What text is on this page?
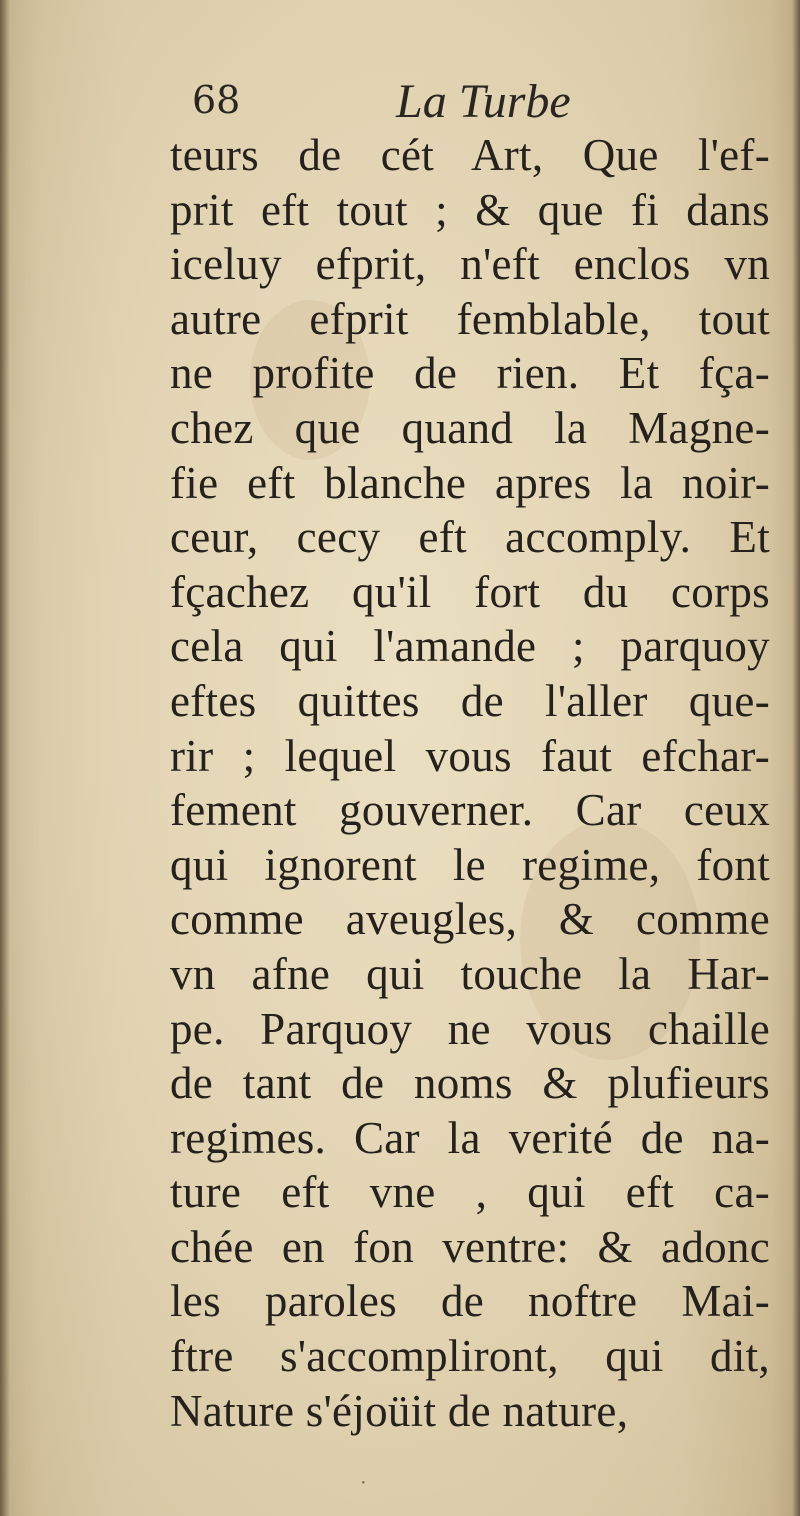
68	La Turbe
teurs de cét Art, Que l'ef-
prit eft tout ; & que fi dans
iceluy efprit, n'eft enclos vn
autre efprit femblable, tout
ne profite de rien. Et fça-
chez que quand la Magne-
fie eft blanche apres la noir-
ceur, cecy eft accomply. Et
fçachez qu'il fort du corps
cela qui l'amande ; parquoy
eftes quittes de l'aller que-
rir ; lequel vous faut efchar-
fement gouverner. Car ceux
qui ignorent le regime, font
comme aveugles, & comme
vn afne qui touche la Har-
pe. Parquoy ne vous chaille
de tant de noms & plufieurs
regimes. Car la verité de na-
ture eft vne , qui eft ca-
chée en fon ventre: & adonc
les paroles de noftre Mai-
ftre s'accompliront, qui dit,
Nature s'éjoüit de nature,
·
